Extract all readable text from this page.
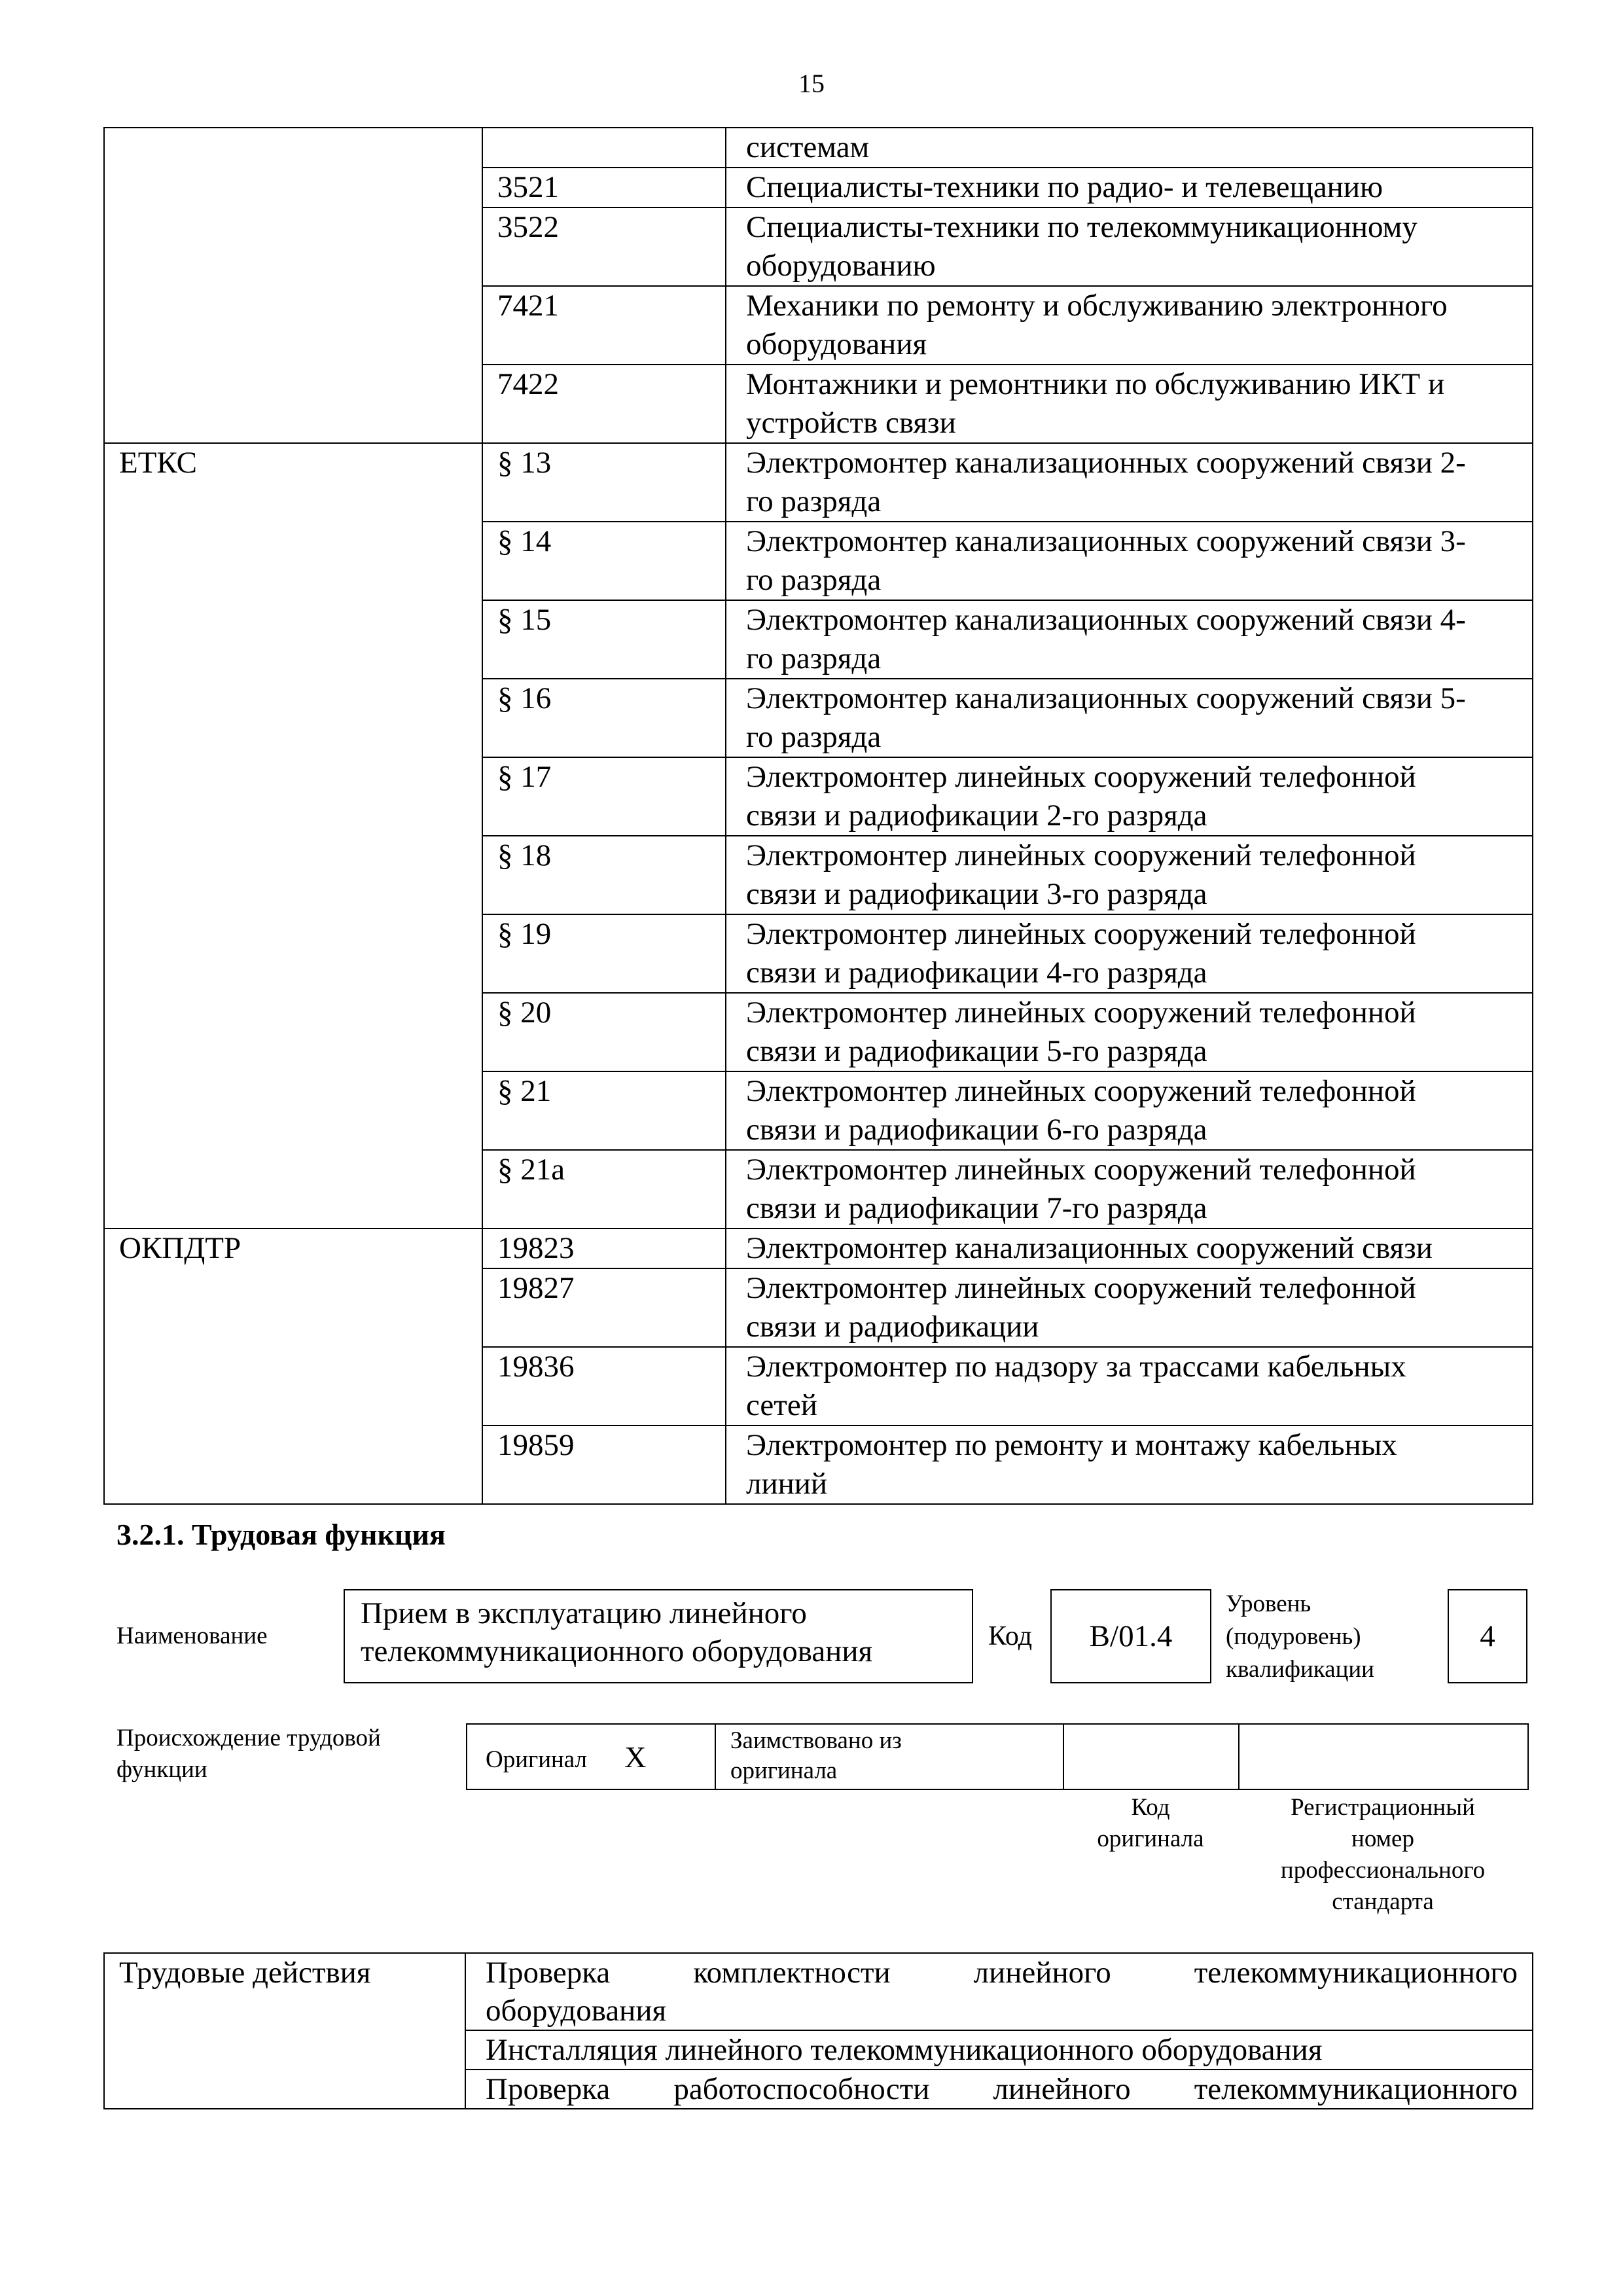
15
		системам
	3521	Специалисты-техники по радио- и телевещанию
	3522	Специалисты-техники по телекоммуникационному
оборудованию
	7421	Механики по ремонту и обслуживанию электронного
оборудования
	7422	Монтажники и ремонтники по обслуживанию ИКТ и
устройств связи
ЕТКС	§ 13	Электромонтер канализационных сооружений связи 2-
го разряда
	§ 14	Электромонтер канализационных сооружений связи 3-
го разряда
	§ 15	Электромонтер канализационных сооружений связи 4-
го разряда
	§ 16	Электромонтер канализационных сооружений связи 5-
го разряда
	§ 17	Электромонтер линейных сооружений телефонной
связи и радиофикации 2-го разряда
	§ 18	Электромонтер линейных сооружений телефонной
связи и радиофикации 3-го разряда
	§ 19	Электромонтер линейных сооружений телефонной
связи и радиофикации 4-го разряда
	§ 20	Электромонтер линейных сооружений телефонной
связи и радиофикации 5-го разряда
	§ 21	Электромонтер линейных сооружений телефонной
связи и радиофикации 6-го разряда
	§ 21а	Электромонтер линейных сооружений телефонной
связи и радиофикации 7-го разряда
ОКПДТР	19823	Электромонтер канализационных сооружений связи
	19827	Электромонтер линейных сооружений телефонной
связи и радиофикации
	19836	Электромонтер по надзору за трассами кабельных
сетей
	19859	Электромонтер по ремонту и монтажу кабельных
линий
3.2.1. Трудовая функция
Наименование
Прием в эксплуатацию линейного
телекоммуникационного оборудования	Код	В/01.4
Уровень
(подуровень)
квалификации
4
Происхождение трудовой
функции	Оригинал X	Заимствовано из
оригинала		
Код
оригинала
Регистрационный
номер
профессионального
стандарта
Трудовые действия	Проверка комплектности линейного телекоммуникационного
оборудования
Инсталляция линейного телекоммуникационного оборудования

Проверка работоспособности линейного телекоммуникационного
